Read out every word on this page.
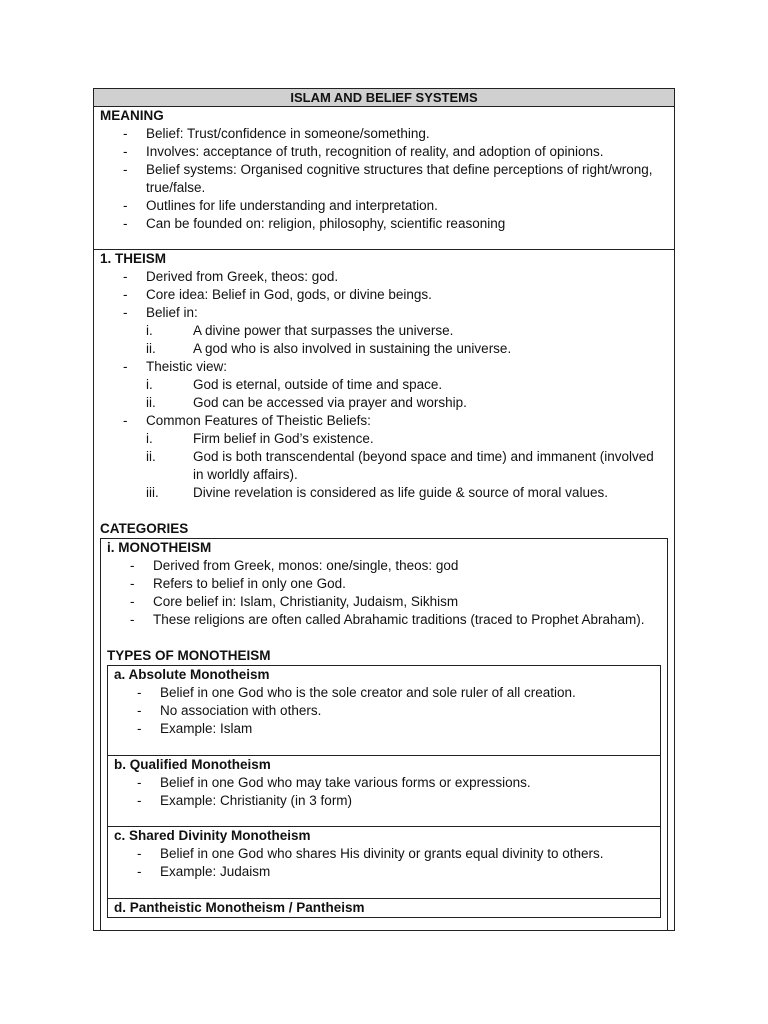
ISLAM AND BELIEF SYSTEMS
MEANING
- Belief: Trust/confidence in someone/something.
- Involves: acceptance of truth, recognition of reality, and adoption of opinions.
- Belief systems: Organised cognitive structures that define perceptions of right/wrong, true/false.
- Outlines for life understanding and interpretation.
- Can be founded on: religion, philosophy, scientific reasoning
1. THEISM
- Derived from Greek, theos: god.
- Core idea: Belief in God, gods, or divine beings.
- Belief in:
i.	A divine power that surpasses the universe.
ii.	A god who is also involved in sustaining the universe.
- Theistic view:
i.	God is eternal, outside of time and space.
ii.	God can be accessed via prayer and worship.
- Common Features of Theistic Beliefs:
i.	Firm belief in God’s existence.
ii.	God is both transcendental (beyond space and time) and immanent (involved in worldly affairs).
iii.	Divine revelation is considered as life guide & source of moral values.
CATEGORIES
i. MONOTHEISM
- Derived from Greek, monos: one/single, theos: god
- Refers to belief in only one God.
- Core belief in: Islam, Christianity, Judaism, Sikhism
- These religions are often called Abrahamic traditions (traced to Prophet Abraham).
TYPES OF MONOTHEISM
a. Absolute Monotheism
- Belief in one God who is the sole creator and sole ruler of all creation.
- No association with others.
- Example: Islam
b. Qualified Monotheism
- Belief in one God who may take various forms or expressions.
- Example: Christianity (in 3 form)
c. Shared Divinity Monotheism
- Belief in one God who shares His divinity or grants equal divinity to others.
- Example: Judaism
d. Pantheistic Monotheism / Pantheism
